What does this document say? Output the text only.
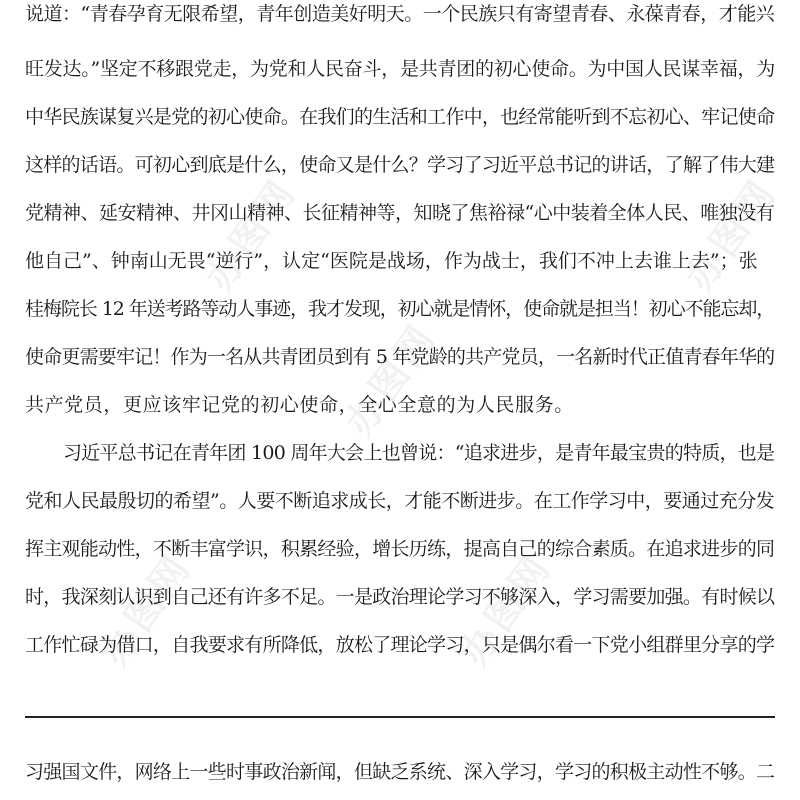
办图网	办图网
办图网
办图网	办图网
说道：“青春孕育无限希望，青年创造美好明天。一个民族只有寄望青春、永葆青春，才能兴
旺发达。”坚定不移跟党走，为党和人民奋斗，是共青团的初心使命。为中国人民谋幸福，为
中华民族谋复兴是党的初心使命。在我们的生活和工作中，也经常能听到不忘初心、牢记使命
这样的话语。可初心到底是什么，使命又是什么？学习了习近平总书记的讲话，了解了伟大建
党精神、延安精神、井冈山精神、长征精神等，知晓了焦裕禄“心中装着全体人民、唯独没有
他自己”、钟南山无畏“逆行”，认定“医院是战场，作为战士，我们不冲上去谁上去”；张
桂梅院长 12 年送考路等动人事迹，我才发现，初心就是情怀，使命就是担当！初心不能忘却，
使命更需要牢记！作为一名从共青团员到有 5 年党龄的共产党员，一名新时代正值青春年华的
共产党员，更应该牢记党的初心使命，全心全意的为人民服务。
习近平总书记在青年团 100 周年大会上也曾说：“追求进步，是青年最宝贵的特质，也是
党和人民最殷切的希望”。人要不断追求成长，才能不断进步。在工作学习中，要通过充分发
挥主观能动性，不断丰富学识，积累经验，增长历练，提高自己的综合素质。在追求进步的同
时，我深刻认识到自己还有许多不足。一是政治理论学习不够深入，学习需要加强。有时候以
工作忙碌为借口，自我要求有所降低，放松了理论学习，只是偶尔看一下党小组群里分享的学
习强国文件，网络上一些时事政治新闻，但缺乏系统、深入学习，学习的积极主动性不够。二
